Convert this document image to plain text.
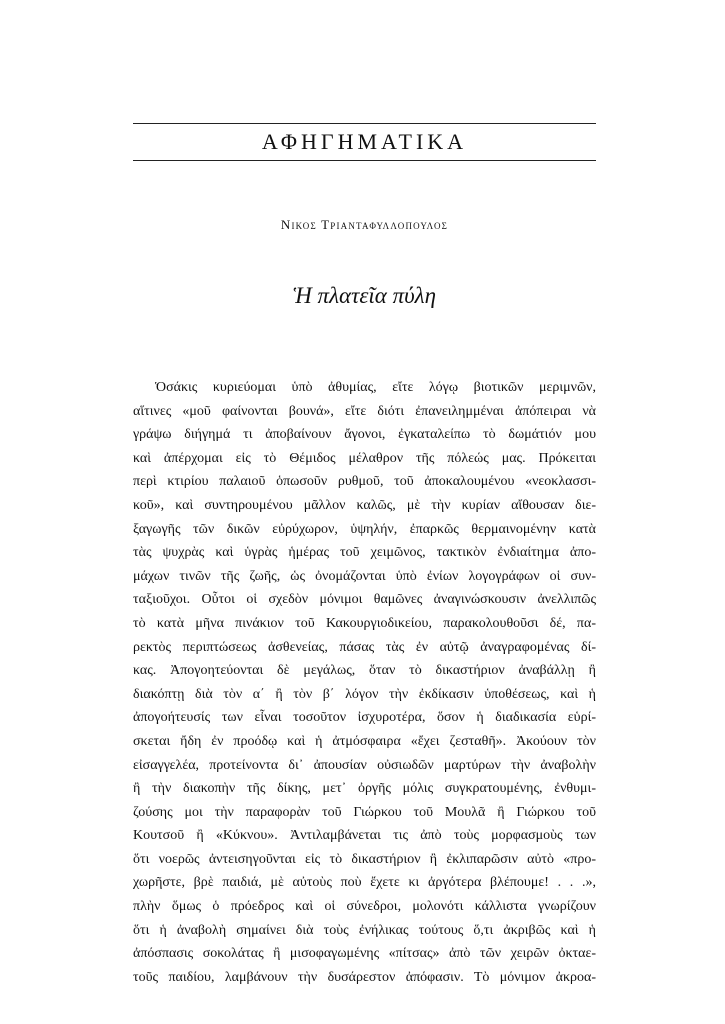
ΑΦΗΓΗΜΑΤΙΚΑ
Νικος Τριανταφυλλοπουλος
Ἡ πλατεῖα πύλη
Ὁσάκις κυριεύομαι ὑπὸ ἀθυμίας, εἴτε λόγῳ βιοτικῶν μεριμνῶν,
αἵτινες «μοῦ φαίνονται βουνά», εἴτε διότι ἐπανειλημμέναι ἀπόπειραι νὰ
γράψω διήγημά τι ἀποβαίνουν ἄγονοι, ἐγκαταλείπω τὸ δωμάτιόν μου
καὶ ἀπέρχομαι εἰς τὸ Θέμιδος μέλαθρον τῆς πόλεώς μας. Πρόκειται
περὶ κτιρίου παλαιοῦ ὁπωσοῦν ρυθμοῦ, τοῦ ἀποκαλουμένου «νεοκλασσι-
κοῦ», καὶ συντηρουμένου μᾶλλον καλῶς, μὲ τὴν κυρίαν αἴθουσαν διε-
ξαγωγῆς τῶν δικῶν εὐρύχωρον, ὑψηλήν, ἐπαρκῶς θερμαινομένην κατὰ
τὰς ψυχρὰς καὶ ὑγρὰς ἡμέρας τοῦ χειμῶνος, τακτικὸν ἐνδιαίτημα ἀπο-
μάχων τινῶν τῆς ζωῆς, ὡς ὀνομάζονται ὑπὸ ἐνίων λογογράφων οἱ συν-
ταξιοῦχοι. Οὗτοι οἱ σχεδὸν μόνιμοι θαμῶνες ἀναγινώσκουσιν ἀνελλιπῶς
τὸ κατὰ μῆνα πινάκιον τοῦ Κακουργιοδικείου, παρακολουθοῦσι δέ, πα-
ρεκτὸς περιπτώσεως ἀσθενείας, πάσας τὰς ἐν αὐτῷ ἀναγραφομένας δί-
κας. Ἀπογοητεύονται δὲ μεγάλως, ὅταν τὸ δικαστήριον ἀναβάλλῃ ἢ
διακόπτῃ διὰ τὸν α΄ ἢ τὸν β΄ λόγον τὴν ἐκδίκασιν ὑποθέσεως, καὶ ἡ
ἀπογοήτευσίς των εἶναι τοσοῦτον ἰσχυροτέρα, ὅσον ἡ διαδικασία εὑρί-
σκεται ἤδη ἐν προόδῳ καὶ ἡ ἀτμόσφαιρα «ἔχει ζεσταθῆ». Ἀκούουν τὸν
εἰσαγγελέα, προτείνοντα δι᾽ ἀπουσίαν οὐσιωδῶν μαρτύρων τὴν ἀναβολὴν
ἢ τὴν διακοπὴν τῆς δίκης, μετ᾽ ὀργῆς μόλις συγκρατουμένης, ἐνθυμι-
ζούσης μοι τὴν παραφορὰν τοῦ Γιώρκου τοῦ Μουλᾶ ἢ Γιώρκου τοῦ
Κουτσοῦ ἢ «Κύκνου». Ἀντιλαμβάνεται τις ἀπὸ τοὺς μορφασμοὺς των
ὅτι νοερῶς ἀντεισηγοῦνται εἰς τὸ δικαστήριον ἢ ἐκλιπαρῶσιν αὐτὸ «προ-
χωρῆστε, βρὲ παιδιά, μὲ αὐτοὺς ποὺ ἔχετε κι ἀργότερα βλέπουμε! . . .»,
πλὴν ὅμως ὁ πρόεδρος καὶ οἱ σύνεδροι, μολονότι κάλλιστα γνωρίζουν
ὅτι ἡ ἀναβολὴ σημαίνει διὰ τοὺς ἐνήλικας τούτους ὅ,τι ἀκριβῶς καὶ ἡ
ἀπόσπασις σοκολάτας ἢ μισοφαγωμένης «πίτσας» ἀπὸ τῶν χειρῶν ὀκταε-
τοῦς παιδίου, λαμβάνουν τὴν δυσάρεστον ἀπόφασιν. Τὸ μόνιμον ἀκροα-
